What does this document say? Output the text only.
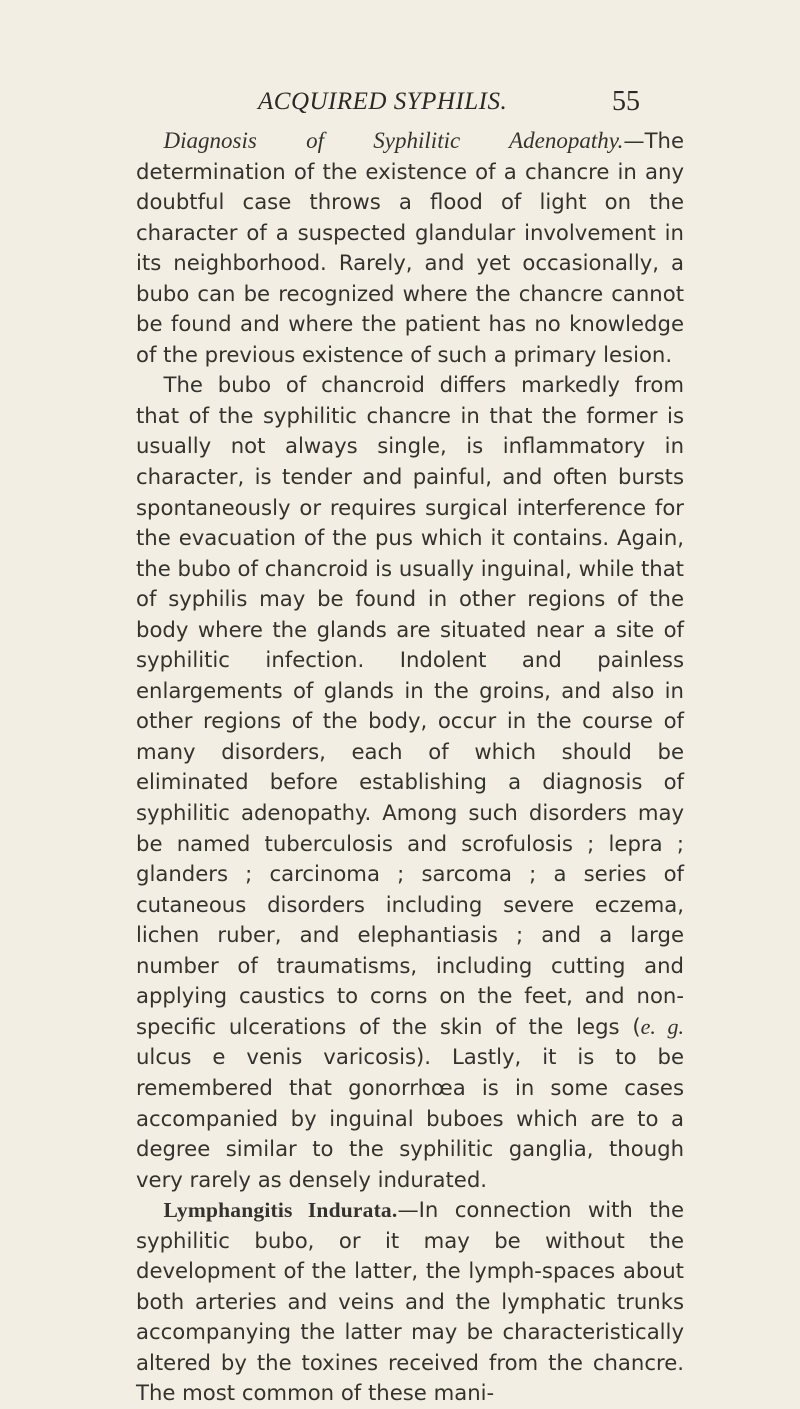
ACQUIRED SYPHILIS.	55

Diagnosis of Syphilitic Adenopathy.—The determination of the existence of a chancre in any doubtful case throws a flood of light on the character of a suspected glandular involvement in its neighborhood. Rarely, and yet occasionally, a bubo can be recognized where the chancre cannot be found and where the patient has no knowledge of the previous existence of such a primary lesion.

The bubo of chancroid differs markedly from that of the syphilitic chancre in that the former is usually not always single, is inflammatory in character, is tender and painful, and often bursts spontaneously or requires surgical interference for the evacuation of the pus which it contains. Again, the bubo of chancroid is usually inguinal, while that of syphilis may be found in other regions of the body where the glands are situated near a site of syphilitic infection. Indolent and painless enlargements of glands in the groins, and also in other regions of the body, occur in the course of many disorders, each of which should be eliminated before establishing a diagnosis of syphilitic adenopathy. Among such disorders may be named tuberculosis and scrofulosis ; lepra ; glanders ; carcinoma ; sarcoma ; a series of cutaneous disorders including severe eczema, lichen ruber, and elephantiasis ; and a large number of traumatisms, including cutting and applying caustics to corns on the feet, and non-specific ulcerations of the skin of the legs (e. g. ulcus e venis varicosis). Lastly, it is to be remembered that gonorrhœa is in some cases accompanied by inguinal buboes which are to a degree similar to the syphilitic ganglia, though very rarely as densely indurated.

Lymphangitis Indurata.—In connection with the syphilitic bubo, or it may be without the development of the latter, the lymph-spaces about both arteries and veins and the lymphatic trunks accompanying the latter may be characteristically altered by the toxines received from the chancre. The most common of these mani-
